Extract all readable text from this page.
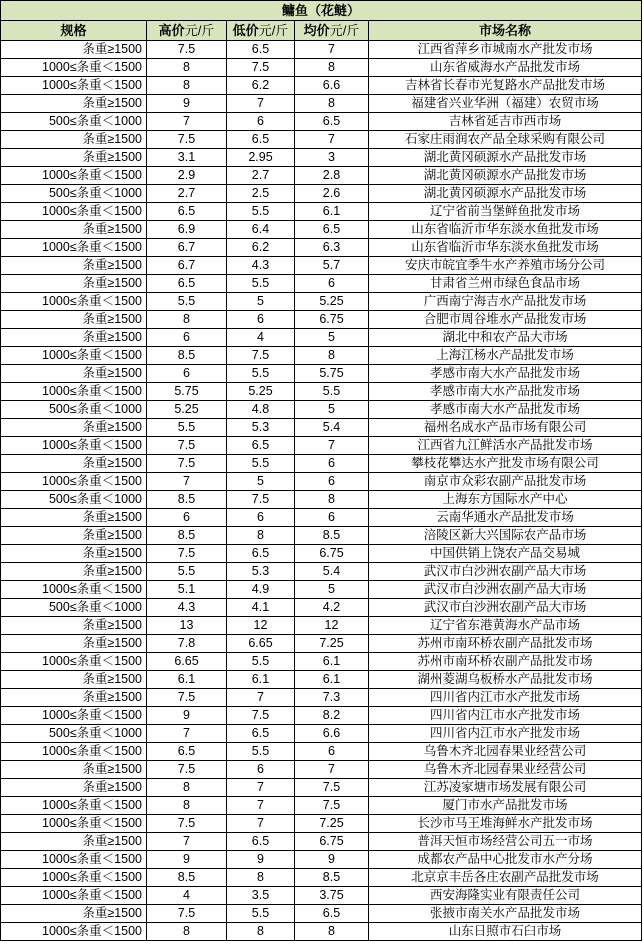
鳙鱼（花鲢）				
规格	高价元/斤	低价元/斤	均价元/斤	市场名称
条重≥1500	7.5	6.5	7	江西省萍乡市城南水产批发市场
1000≤条重＜1500	8	7.5	8	山东省威海水产品批发市场
1000≤条重＜1500	8	6.2	6.6	吉林省长春市光复路水产品批发市场
条重≥1500	9	7	8	福建省兴业华洲（福建）农贸市场
500≤条重＜1000	7	6	6.5	吉林省延吉市西市场
条重≥1500	7.5	6.5	7	石家庄雨润农产品全球采购有限公司
条重≥1500	3.1	2.95	3	湖北黄冈硕源水产品批发市场
1000≤条重＜1500	2.9	2.7	2.8	湖北黄冈硕源水产品批发市场
500≤条重＜1000	2.7	2.5	2.6	湖北黄冈硕源水产品批发市场
1000≤条重＜1500	6.5	5.5	6.1	辽宁省前当堡鲜鱼批发市场
条重≥1500	6.9	6.4	6.5	山东省临沂市华东淡水鱼批发市场
1000≤条重＜1500	6.7	6.2	6.3	山东省临沂市华东淡水鱼批发市场
条重≥1500	6.7	4.3	5.7	安庆市皖宜季牛水产养殖市场分公司
条重≥1500	6.5	5.5	6	甘肃省兰州市绿色食品市场
1000≤条重＜1500	5.5	5	5.25	广西南宁海吉水产品批发市场
条重≥1500	8	6	6.75	合肥市周谷堆水产品批发市场
条重≥1500	6	4	5	湖北中和农产品大市场
1000≤条重＜1500	8.5	7.5	8	上海江杨水产品批发市场
条重≥1500	6	5.5	5.75	孝感市南大水产品批发市场
1000≤条重＜1500	5.75	5.25	5.5	孝感市南大水产品批发市场
500≤条重＜1000	5.25	4.8	5	孝感市南大水产品批发市场
条重≥1500	5.5	5.3	5.4	福州名成水产品市场有限公司
1000≤条重＜1500	7.5	6.5	7	江西省九江鲜活水产品批发市场
条重≥1500	7.5	5.5	6	攀枝花攀达水产批发市场有限公司
1000≤条重＜1500	7	5	6	南京市众彩农副产品批发市场
500≤条重＜1000	8.5	7.5	8	上海东方国际水产中心
条重≥1500	6	6	6	云南华通水产品批发市场
条重≥1500	8.5	8	8.5	涪陵区新大兴国际农产品市场
条重≥1500	7.5	6.5	6.75	中国供销上饶农产品交易城
条重≥1500	5.5	5.3	5.4	武汉市白沙洲农副产品大市场
1000≤条重＜1500	5.1	4.9	5	武汉市白沙洲农副产品大市场
500≤条重＜1000	4.3	4.1	4.2	武汉市白沙洲农副产品大市场
条重≥1500	13	12	12	辽宁省东港黄海水产品市场
条重≥1500	7.8	6.65	7.25	苏州市南环桥农副产品批发市场
1000≤条重＜1500	6.65	5.5	6.1	苏州市南环桥农副产品批发市场
条重≥1500	6.1	6.1	6.1	湖州菱湖乌板桥水产品批发市场
条重≥1500	7.5	7	7.3	四川省内江市水产批发市场
1000≤条重＜1500	9	7.5	8.2	四川省内江市水产批发市场
500≤条重＜1000	7	6.5	6.6	四川省内江市水产批发市场
1000≤条重＜1500	6.5	5.5	6	乌鲁木齐北园春果业经营公司
条重≥1500	7.5	6	7	乌鲁木齐北园春果业经营公司
条重≥1500	8	7	7.5	江苏凌家塘市场发展有限公司
1000≤条重＜1500	8	7	7.5	厦门市水产品批发市场
1000≤条重＜1500	7.5	7	7.25	长沙市马王堆海鲜水产批发市场
条重≥1500	7	6.5	6.75	普洱天恒市场经营公司五一市场
1000≤条重＜1500	9	9	9	成都农产品中心批发市水产分场
1000≤条重＜1500	8.5	8	8.5	北京京丰岳各庄农副产品批发市场
1000≤条重＜1500	4	3.5	3.75	西安海隆实业有限责任公司
条重≥1500	7.5	5.5	6.5	张掖市南关水产品批发市场
1000≤条重＜1500	8	8	8	山东日照市石臼市场
